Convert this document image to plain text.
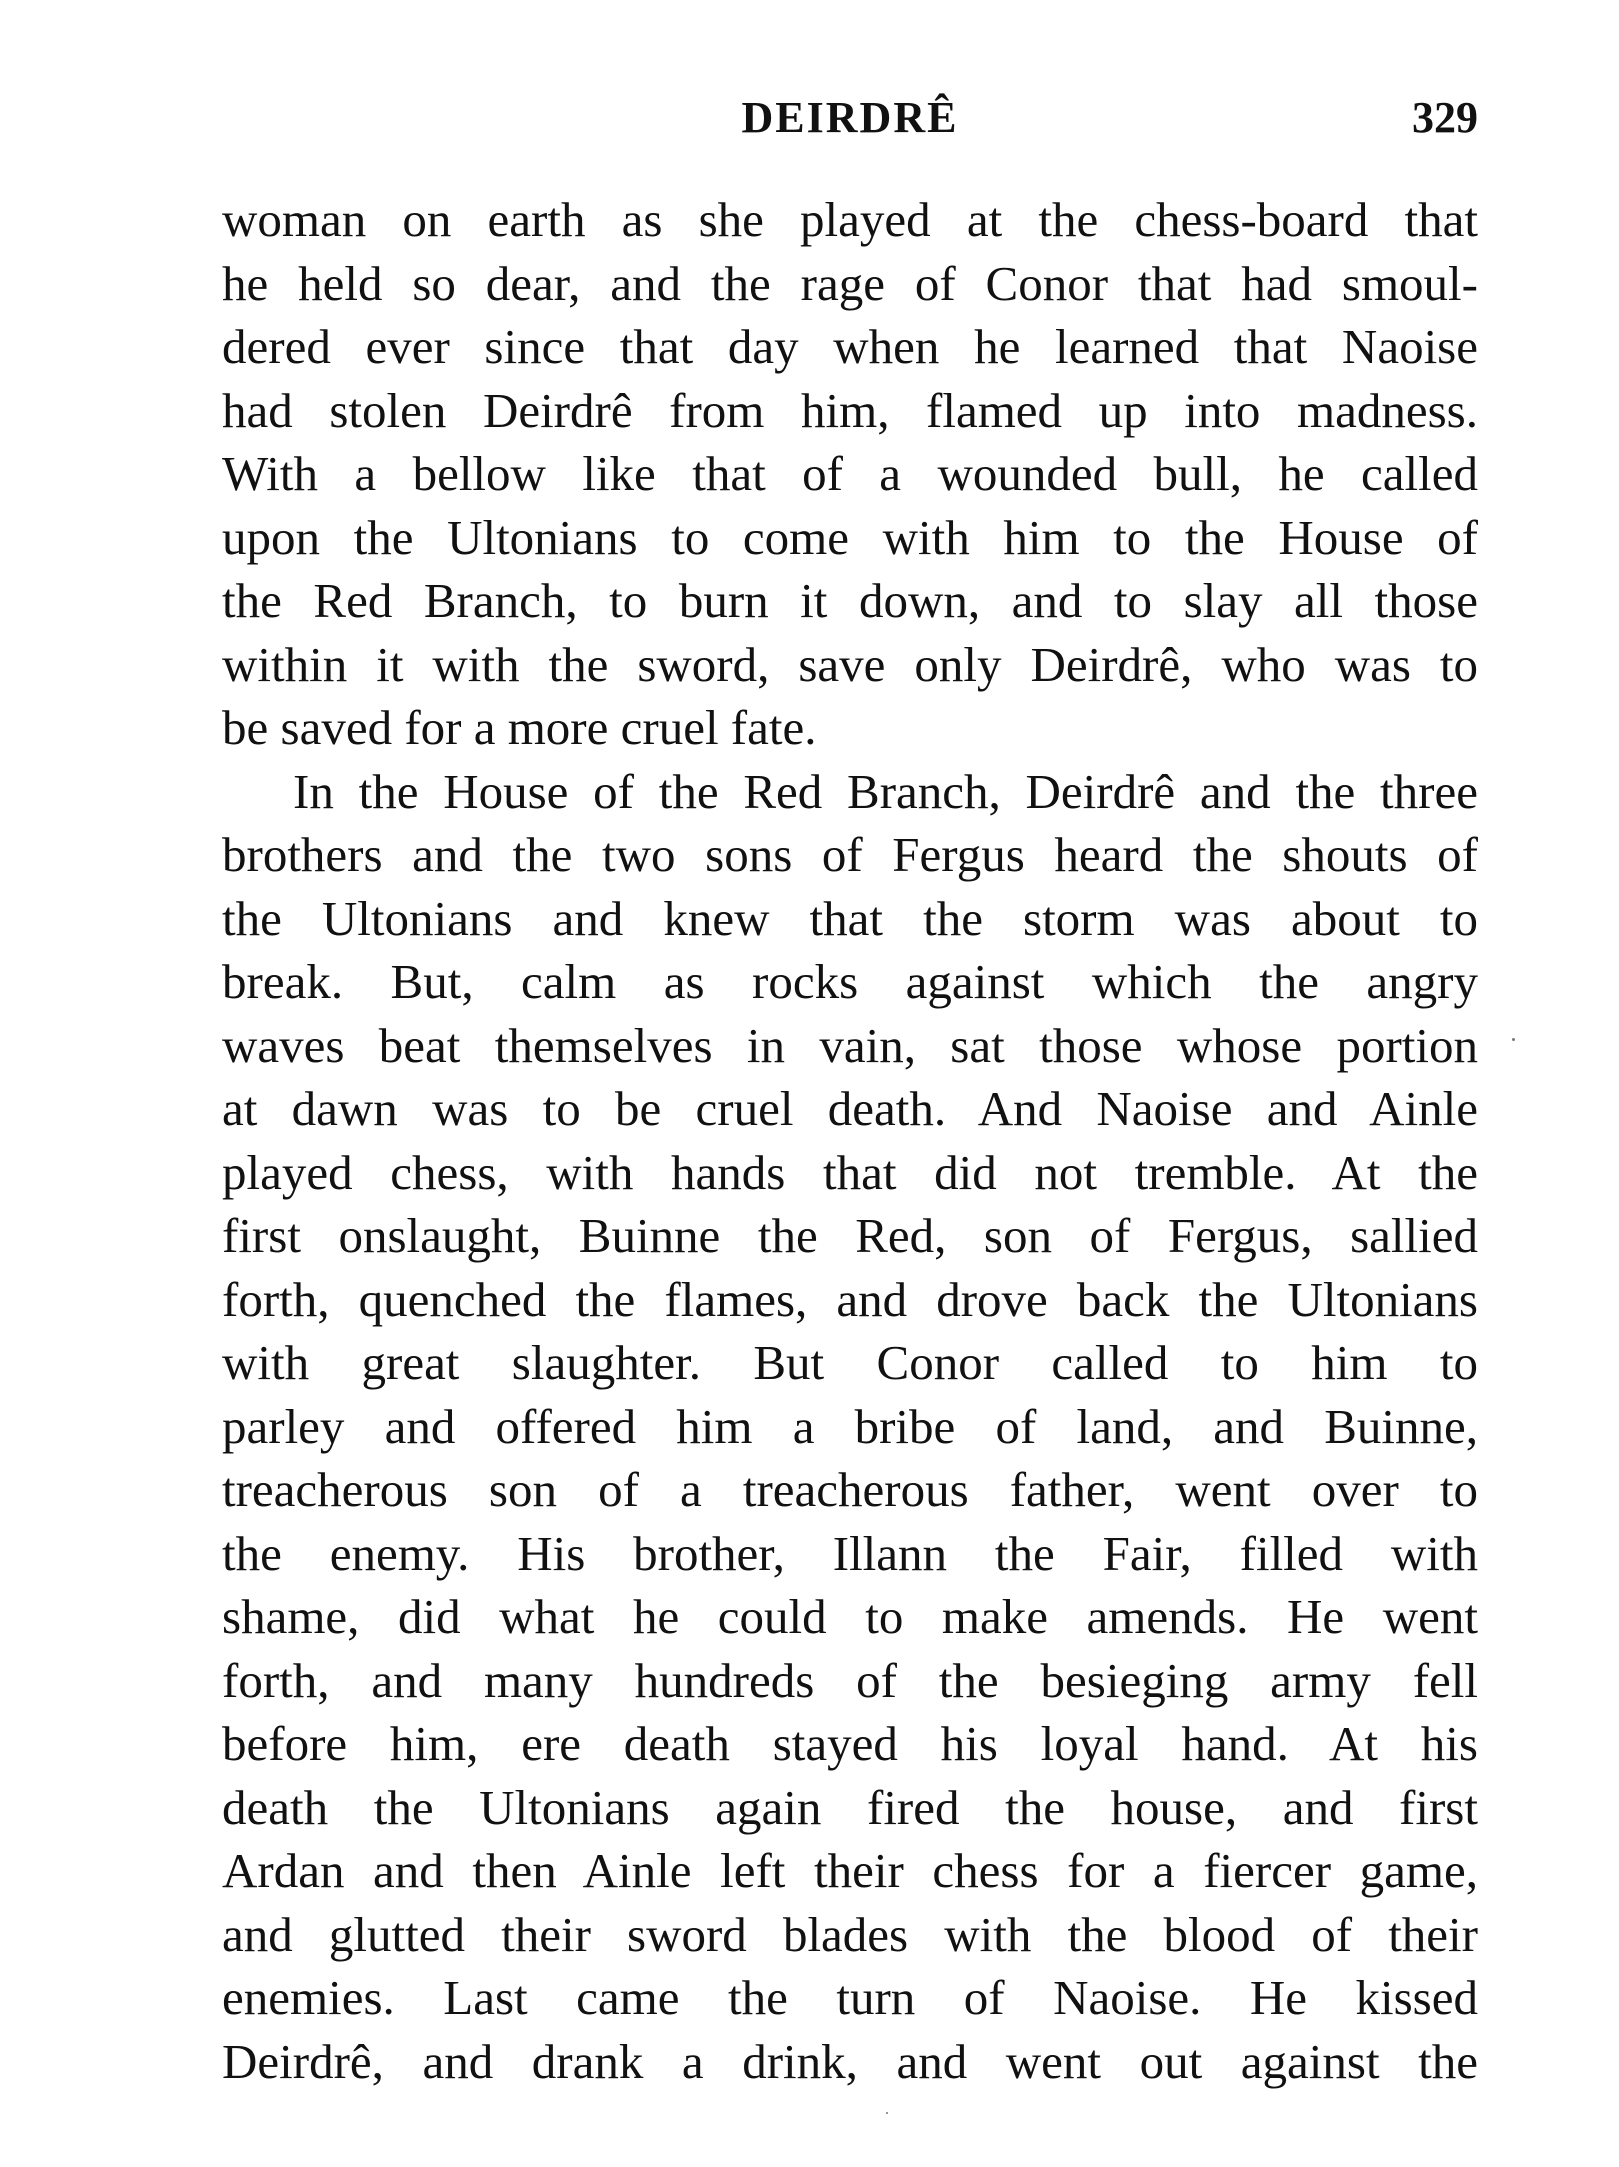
DEIRDRÊ	329
woman on earth as she played at the chess-board that
he held so dear, and the rage of Conor that had smoul-
dered ever since that day when he learned that Naoise
had stolen Deirdrê from him, flamed up into madness.
With a bellow like that of a wounded bull, he called
upon the Ultonians to come with him to the House of
the Red Branch, to burn it down, and to slay all those
within it with the sword, save only Deirdrê, who was to
be saved for a more cruel fate.
In the House of the Red Branch, Deirdrê and the three
brothers and the two sons of Fergus heard the shouts of
the Ultonians and knew that the storm was about to
break. But, calm as rocks against which the angry
waves beat themselves in vain, sat those whose portion
at dawn was to be cruel death. And Naoise and Ainle
played chess, with hands that did not tremble. At the
first onslaught, Buinne the Red, son of Fergus, sallied
forth, quenched the flames, and drove back the Ultonians
with great slaughter. But Conor called to him to
parley and offered him a bribe of land, and Buinne,
treacherous son of a treacherous father, went over to
the enemy. His brother, Illann the Fair, filled with
shame, did what he could to make amends. He went
forth, and many hundreds of the besieging army fell
before him, ere death stayed his loyal hand. At his
death the Ultonians again fired the house, and first
Ardan and then Ainle left their chess for a fiercer game,
and glutted their sword blades with the blood of their
enemies. Last came the turn of Naoise. He kissed
Deirdrê, and drank a drink, and went out against the
